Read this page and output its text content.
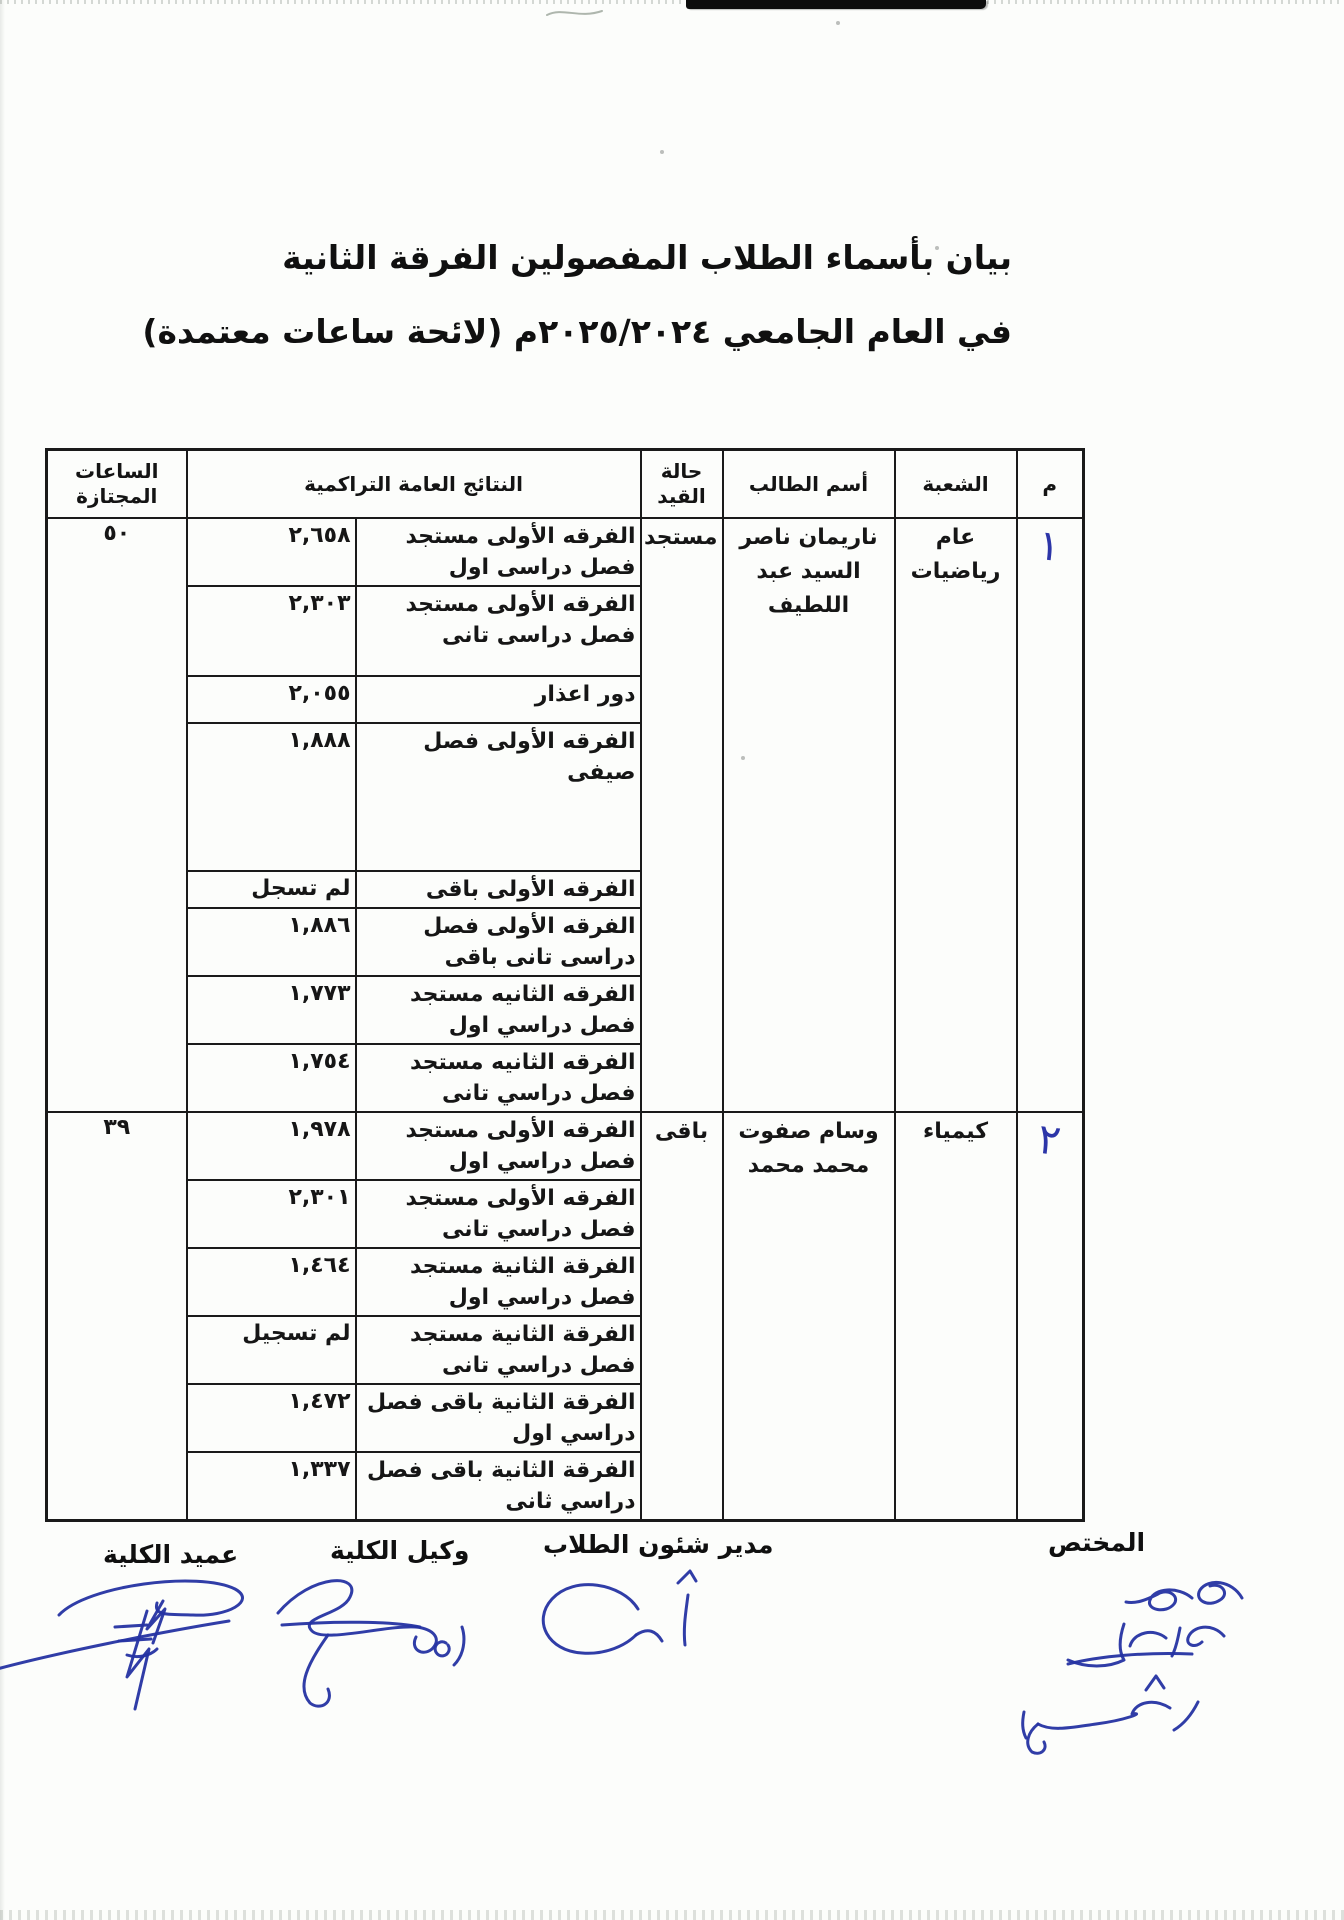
بيان بأسماء الطلاب المفصولين الفرقة الثانية
في العام الجامعي ٢٠٢٥/٢٠٢٤م (لائحة ساعات معتمدة)
م	الشعبة	أسم الطالب	حالة القيد	النتائج العامة التراكمية		الساعات المجتازة
١	عام رياضيات	ناريمان ناصر السيد عبد اللطيف	مستجد	الفرقه الأولى مستجد فصل دراسى اول	٢,٦٥٨	٥٠
				الفرقه الأولى مستجد فصل دراسى تانى	٢,٣٠٣	
				دور اعذار	٢,٠٥٥	
				الفرقه الأولى فصل صيفى	١,٨٨٨	
				الفرقه الأولى باقى	لم تسجل	
				الفرقه الأولى فصل دراسى تانى باقى	١,٨٨٦	
				الفرقه الثانيه مستجد فصل دراسي اول	١,٧٧٣	
				الفرقه الثانيه مستجد فصل دراسي تانى	١,٧٥٤	
٢	كيمياء	وسام صفوت محمد محمد	باقى	الفرقه الأولى مستجد فصل دراسي اول	١,٩٧٨	٣٩
				الفرقه الأولى مستجد فصل دراسي تانى	٢,٣٠١	
				الفرقة الثانية مستجد فصل دراسي اول	١,٤٦٤	
				الفرقة الثانية مستجد فصل دراسي تانى	لم تسجيل	
				الفرقة الثانية باقى فصل دراسي اول	١,٤٧٢	
				الفرقة الثانية باقى فصل دراسي ثانى	١,٣٣٧	
المختص
مدير شئون الطلاب
وكيل الكلية
عميد الكلية
